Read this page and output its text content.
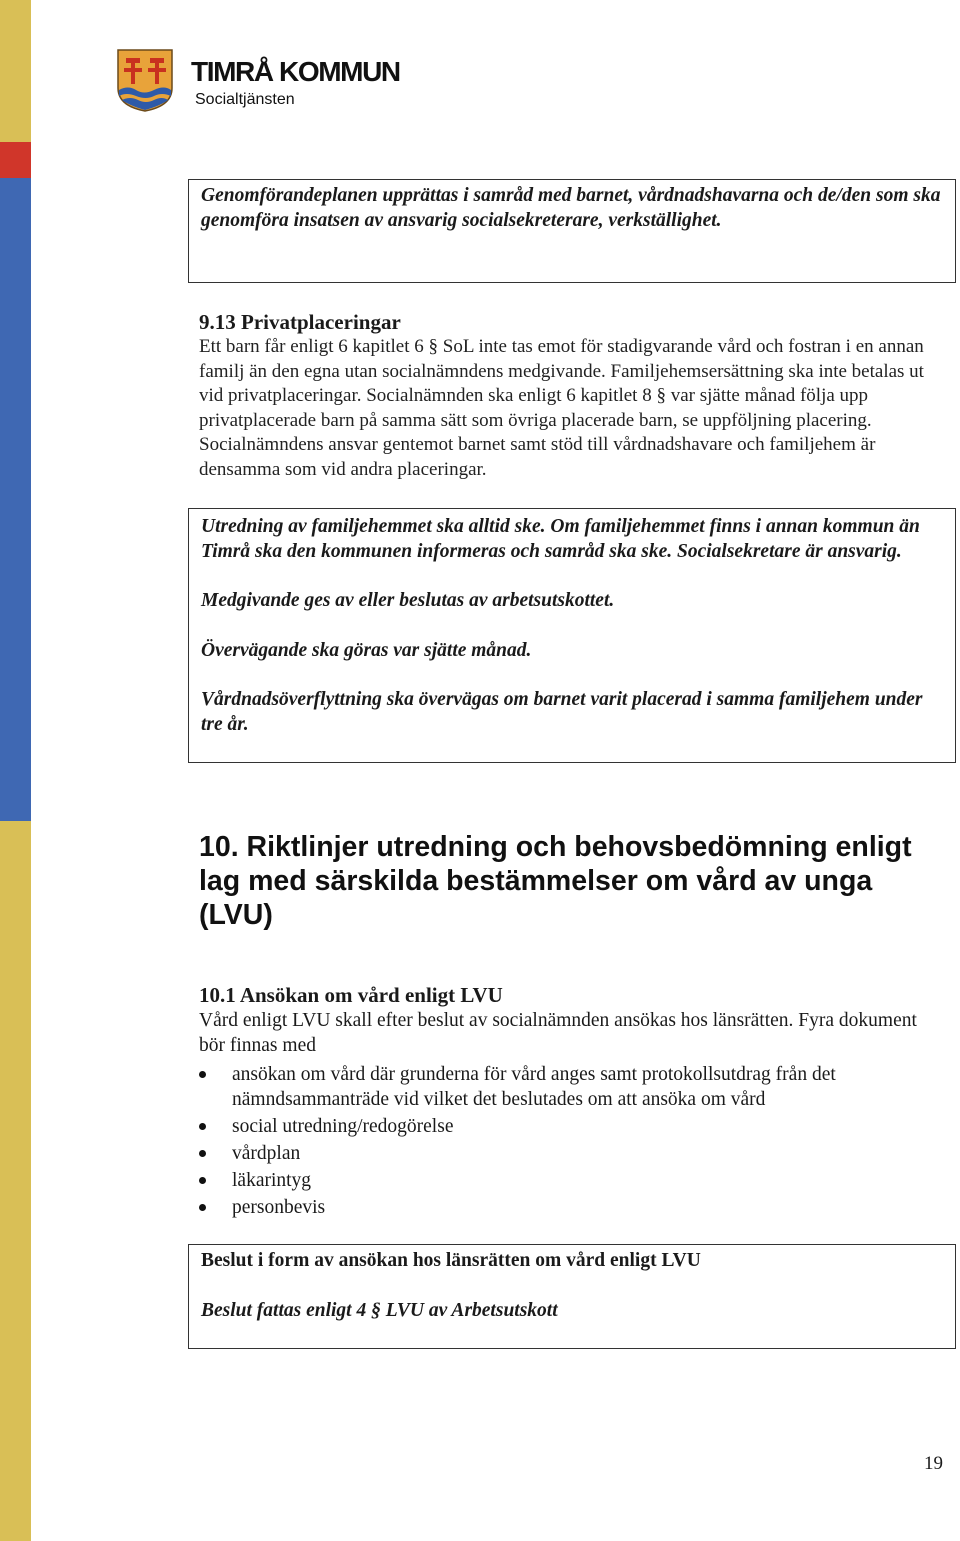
TIMRÅ KOMMUN
Socialtjänsten

Genomförandeplanen upprättas i samråd med barnet, vårdnadshavarna och de/den som ska genomföra insatsen av ansvarig socialsekreterare, verkställighet.

9.13 Privatplaceringar

Ett barn får enligt 6 kapitlet 6 § SoL inte tas emot för stadigvarande vård och fostran i en annan familj än den egna utan socialnämndens medgivande. Familjehemsersättning ska inte betalas ut vid privatplaceringar. Socialnämnden ska enligt 6 kapitlet 8 § var sjätte månad följa upp privatplacerade barn på samma sätt som övriga placerade barn, se uppföljning placering. Socialnämndens ansvar gentemot barnet samt stöd till vårdnadshavare och familjehem är densamma som vid andra placeringar.

Utredning av familjehemmet ska alltid ske. Om familjehemmet finns i annan kommun än Timrå ska den kommunen informeras och samråd ska ske. Socialsekretare är ansvarig.

Medgivande ges av eller beslutas av arbetsutskottet.

Övervägande ska göras var sjätte månad.

Vårdnadsöverflyttning ska övervägas om barnet varit placerad i samma familjehem under tre år.

10. Riktlinjer utredning och behovsbedömning enligt lag med särskilda bestämmelser om vård av unga (LVU)
10.1 Ansökan om vård enligt LVU

Vård enligt LVU skall efter beslut av socialnämnden ansökas hos länsrätten. Fyra dokument bör finnas med

ansökan om vård där grunderna för vård anges samt protokollsutdrag från det nämndsammanträde vid vilket det beslutades om att ansöka om vård
social utredning/redogörelse
vårdplan
läkarintyg
personbevis

Beslut i form av ansökan hos länsrätten om vård enligt LVU

Beslut fattas enligt 4 § LVU av Arbetsutskott

19
